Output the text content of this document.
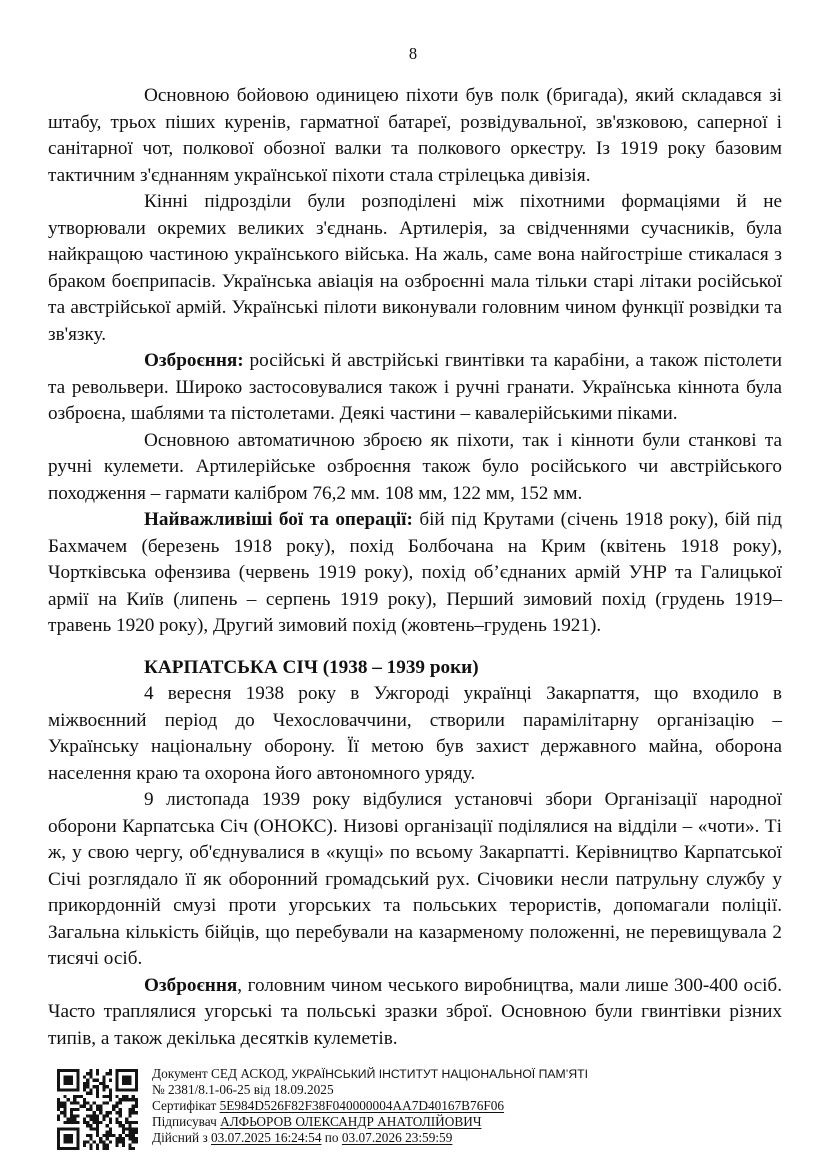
8

Основною бойовою одиницею піхоти був полк (бригада), який складався зі штабу, трьох піших куренів, гарматної батареї, розвідувальної, зв'язковою, саперної і санітарної чот, полкової обозної валки та полкового оркестру. Із 1919 року базовим тактичним з'єднанням української піхоти стала стрілецька дивізія.

Кінні підрозділи були розподілені між піхотними формаціями й не утворювали окремих великих з'єднань. Артилерія, за свідченнями сучасників, була найкращою частиною українського війська. На жаль, саме вона найгостріше стикалася з браком боєприпасів. Українська авіація на озброєнні мала тільки старі літаки російської та австрійської армій. Українські пілоти виконували головним чином функції розвідки та зв'язку.

Озброєння: російські й австрійські гвинтівки та карабіни, а також пістолети та револьвери. Широко застосовувалися також і ручні гранати. Українська кіннота була озброєна, шаблями та пістолетами. Деякі частини – кавалерійськими піками.

Основною автоматичною зброєю як піхоти, так і кінноти були станкові та ручні кулемети. Артилерійське озброєння також було російського чи австрійського походження – гармати калібром 76,2 мм. 108 мм, 122 мм, 152 мм.

Найважливіші бої та операції: бій під Крутами (січень 1918 року), бій під Бахмачем (березень 1918 року), похід Болбочана на Крим (квітень 1918 року), Чортківська офензива (червень 1919 року), похід об’єднаних армій УНР та Галицької армії на Київ (липень – серпень 1919 року), Перший зимовий похід (грудень 1919–травень 1920 року), Другий зимовий похід (жовтень–грудень 1921).

КАРПАТСЬКА СІЧ (1938 – 1939 роки)

4 вересня 1938 року в Ужгороді українці Закарпаття, що входило в міжвоєнний період до Чехословаччини, створили парамілітарну організацію – Українську національну оборону. Її метою був захист державного майна, оборона населення краю та охорона його автономного уряду.

9 листопада 1939 року відбулися установчі збори Організації народної оборони Карпатська Січ (ОНОКС). Низові організації поділялися на відділи – «чоти». Ті ж, у свою чергу, об'єднувалися в «кущі» по всьому Закарпатті. Керівництво Карпатської Січі розглядало її як оборонний громадський рух. Січовики несли патрульну службу у прикордонній смузі проти угорських та польських терористів, допомагали поліції. Загальна кількість бійців, що перебували на казарменому положенні, не перевищувала 2 тисячі осіб.

Озброєння, головним чином чеського виробництва, мали лише 300-400 осіб. Часто траплялися угорські та польські зразки зброї. Основною були гвинтівки різних типів, а також декілька десятків кулеметів.

Документ СЕД АСКОД, УКРАЇНСЬКИЙ ІНСТИТУТ НАЦІОНАЛЬНОЇ ПАМ’ЯТІ
№ 2381/8.1-06-25 від 18.09.2025
Сертифікат 5E984D526F82F38F040000004AA7D40167B76F06
Підписувач АЛФЬОРОВ ОЛЕКСАНДР АНАТОЛІЙОВИЧ
Дійсний з 03.07.2025 16:24:54 по 03.07.2026 23:59:59
